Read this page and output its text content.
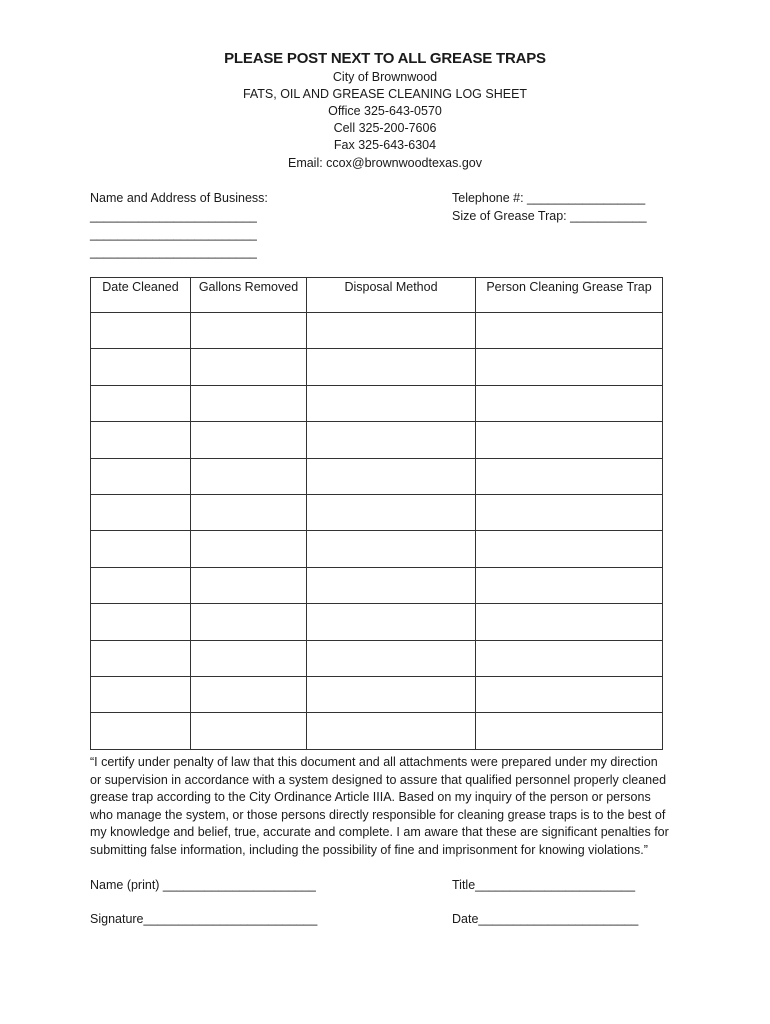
PLEASE POST NEXT TO ALL GREASE TRAPS
City of Brownwood
FATS, OIL AND GREASE CLEANING LOG SHEET
Office 325-643-0570
Cell 325-200-7606
Fax 325-643-6304
Email: ccox@brownwoodtexas.gov
Name and Address of Business:
________________________
________________________
________________________
Telephone #: _________________
Size of Grease Trap: ___________
Date Cleaned	Gallons Removed	Disposal Method	Person Cleaning Grease Trap

“I certify under penalty of law that this document and all attachments were prepared under my direction
or supervision in accordance with a system designed to assure that qualified personnel properly cleaned
grease trap according to the City Ordinance Article IIIA. Based on my inquiry of the person or persons
who manage the system, or those persons directly responsible for cleaning grease traps is to the best of
my knowledge and belief, true, accurate and complete. I am aware that these are significant penalties for
submitting false information, including the possibility of fine and imprisonment for knowing violations.”
Name (print) ______________________	Title_______________________
Signature_________________________	Date_______________________
